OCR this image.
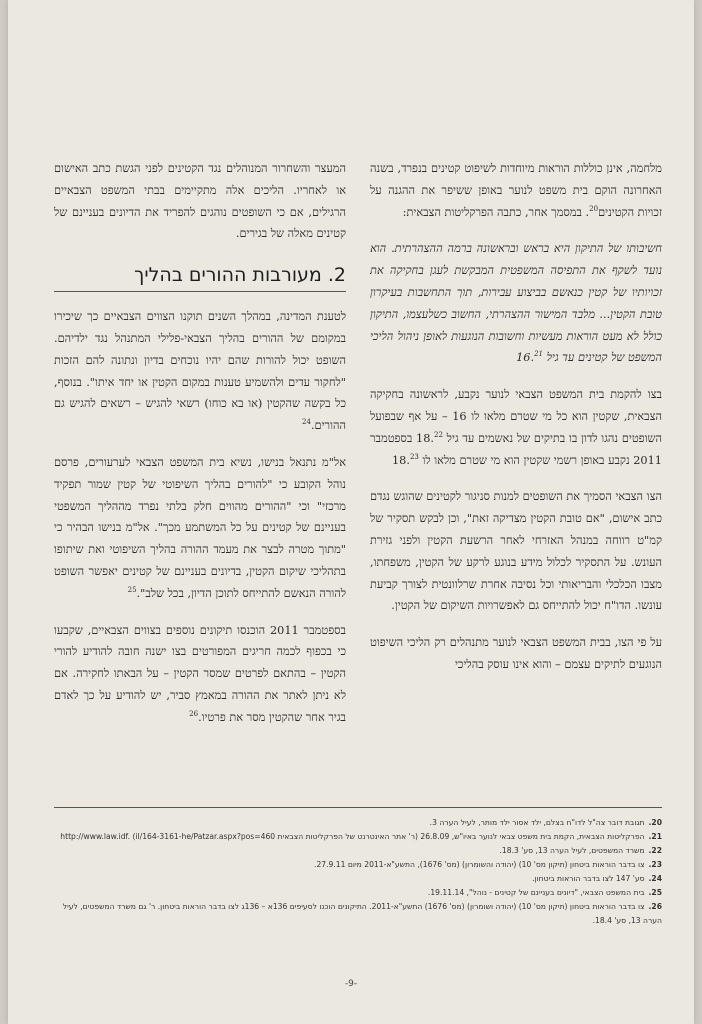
מלחמה, אינן כוללות הוראות מיוחדות לשיפוט קטינים בנפרד, בשנה האחרונה הוקם בית משפט לנוער באופן ששיפר את ההגנה על זכויות הקטינים$^{20}$. במסמך אחר, כתבה הפרקליטות הצבאית:

חשיבותו של התיקון היא בראש ובראשונה ברמה ההצהרתית. הוא נועד לשקף את התפיסה המשפטית המבקשת לעגן בחקיקה את זכויותיו של קטין כנאשם בביצוע עבירות, תוך התחשבות בעיקרון טובת הקטין... מלבד המישור ההצהרתי, החשוב כשלעצמו, התיקון כולל לא מעט הוראות מעשיות וחשובות הנוגעות לאופן ניהול הליכי המשפט של קטינים עד גיל 16.21

בצו להקמת בית המשפט הצבאי לנוער נקבע, לראשונה בחקיקה הצבאית, שקטין הוא כל מי שטרם מלאו לו 16 – על אף שבפועל השופטים נהגו לדון בו בתיקים של נאשמים עד גיל 18.22 בספטמבר 2011 נקבע באופן רשמי שקטין הוא מי שטרם מלאו לו 18.23

הצו הצבאי הסמיך את השופטים למנות סניגור לקטינים שהוגש נגדם כתב אישום, "אם טובת הקטין מצדיקה זאת", וכן לבקש תסקיר של קמ"ט רווחה במנהל האזרחי לאחר הרשעת הקטין ולפני גזירת העונש. על התסקיר לכלול מידע בנוגע לרקע של הקטין, משפחתו, מצבו הכלכלי והבריאותי וכל נסיבה אחרת שרלוונטית לצורך קביעת עונשו. הדו"ח יכול להתייחס גם לאפשרויות השיקום של הקטין.

על פי הצו, בבית המשפט הצבאי לנוער מתנהלים רק הליכי השיפוט הנוגעים לתיקים עצמם – והוא אינו עוסק בהליכי

המעצר והשחרור המנוהלים נגד הקטינים לפני הגשת כתב האישום או לאחריו. הליכים אלה מתקיימים בבתי המשפט הצבאיים הרגילים, אם כי השופטים נוהגים להפריד את הדיונים בעניינם של קטינים מאלה של בגירים.

2. מעורבות ההורים בהליך

לטענת המדינה, במהלך השנים תוקנו הצווים הצבאיים כך שיכירו במקומם של ההורים בהליך הצבאי-פלילי המתנהל נגד ילדיהם. השופט יכול להורות שהם יהיו נוכחים בדיון ונתונה להם הזכות "לחקור עדים ולהשמיע טענות במקום הקטין או יחד איתו". בנוסף, כל בקשה שהקטין (או בא כוחו) רשאי להגיש – רשאים להגיש גם ההורים.$^{24}$

אל"מ נתנאל בנישו, נשיא בית המשפט הצבאי לערעורים, פרסם נוהל הקובע כי "להורים בהליך השיפוטי של קטין שמור תפקיד מרכזי" וכי "ההורים מהווים חלק בלתי נפרד מההליך המשפטי בעניינם של קטינים על כל המשתמע מכך". אל"מ בנישו הבהיר כי "מתוך מטרה לבצר את מעמד ההורה בהליך השיפוטי ואת שיתופו בתהליכי שיקום הקטין, בדיונים בעניינם של קטינים יאפשר השופט להורה הנאשם להתייחס לתוכן הדיון, בכל שלב".$^{25}$

בספטמבר 2011 הוכנסו תיקונים נוספים בצווים הצבאיים, שקבעו כי בכפוף לכמה חריגים המפורטים בצו ישנה חובה להודיע להורי הקטין – בהתאם לפרטים שמסר הקטין – על הבאתו לחקירה. אם לא ניתן לאתר את ההורה במאמץ סביר, יש להודיע על כך לאדם בגיר אחר שהקטין מסר את פרטיו.$^{26}$

20.תגובת דובר צה"ל לדו"ח בצלם, ילד אסור ילד מותר, לעיל הערה 3.

21.הפרקליטות הצבאית, הקמת בית משפט צבאי לנוער באיו"ש, 26.8.09 (ר' אתר האינטרנט של הפרקליטות הצבאית http://www.law.idf. (il/164-3161-he/Patzar.aspx?pos=460

22.משרד המשפטים, לעיל הערה 13, סע' 18.3.

23.צו בדבר הוראות ביטחון (תיקון מס' 10) (יהודה והשומרון) (מס' 1676), התשע"א-2011 מיום 27.9.11.

24.סע' 147 לצו בדבר הוראות ביטחון.

25.בית המשפט הצבאי, "דיונים בעניינם של קטינים - נוהל", 19.11.14.

26.צו בדבר הוראות ביטחון (תיקון מס' 10) (יהודה ושומרון) (מס' 1676) התשע"א-2011. התיקונים הוכנו לסעיפים 136א – 136ג לצו בדבר הוראות ביטחון. ר' גם משרד המשפטים, לעיל הערה 13, סע' 18.4.

-9-
